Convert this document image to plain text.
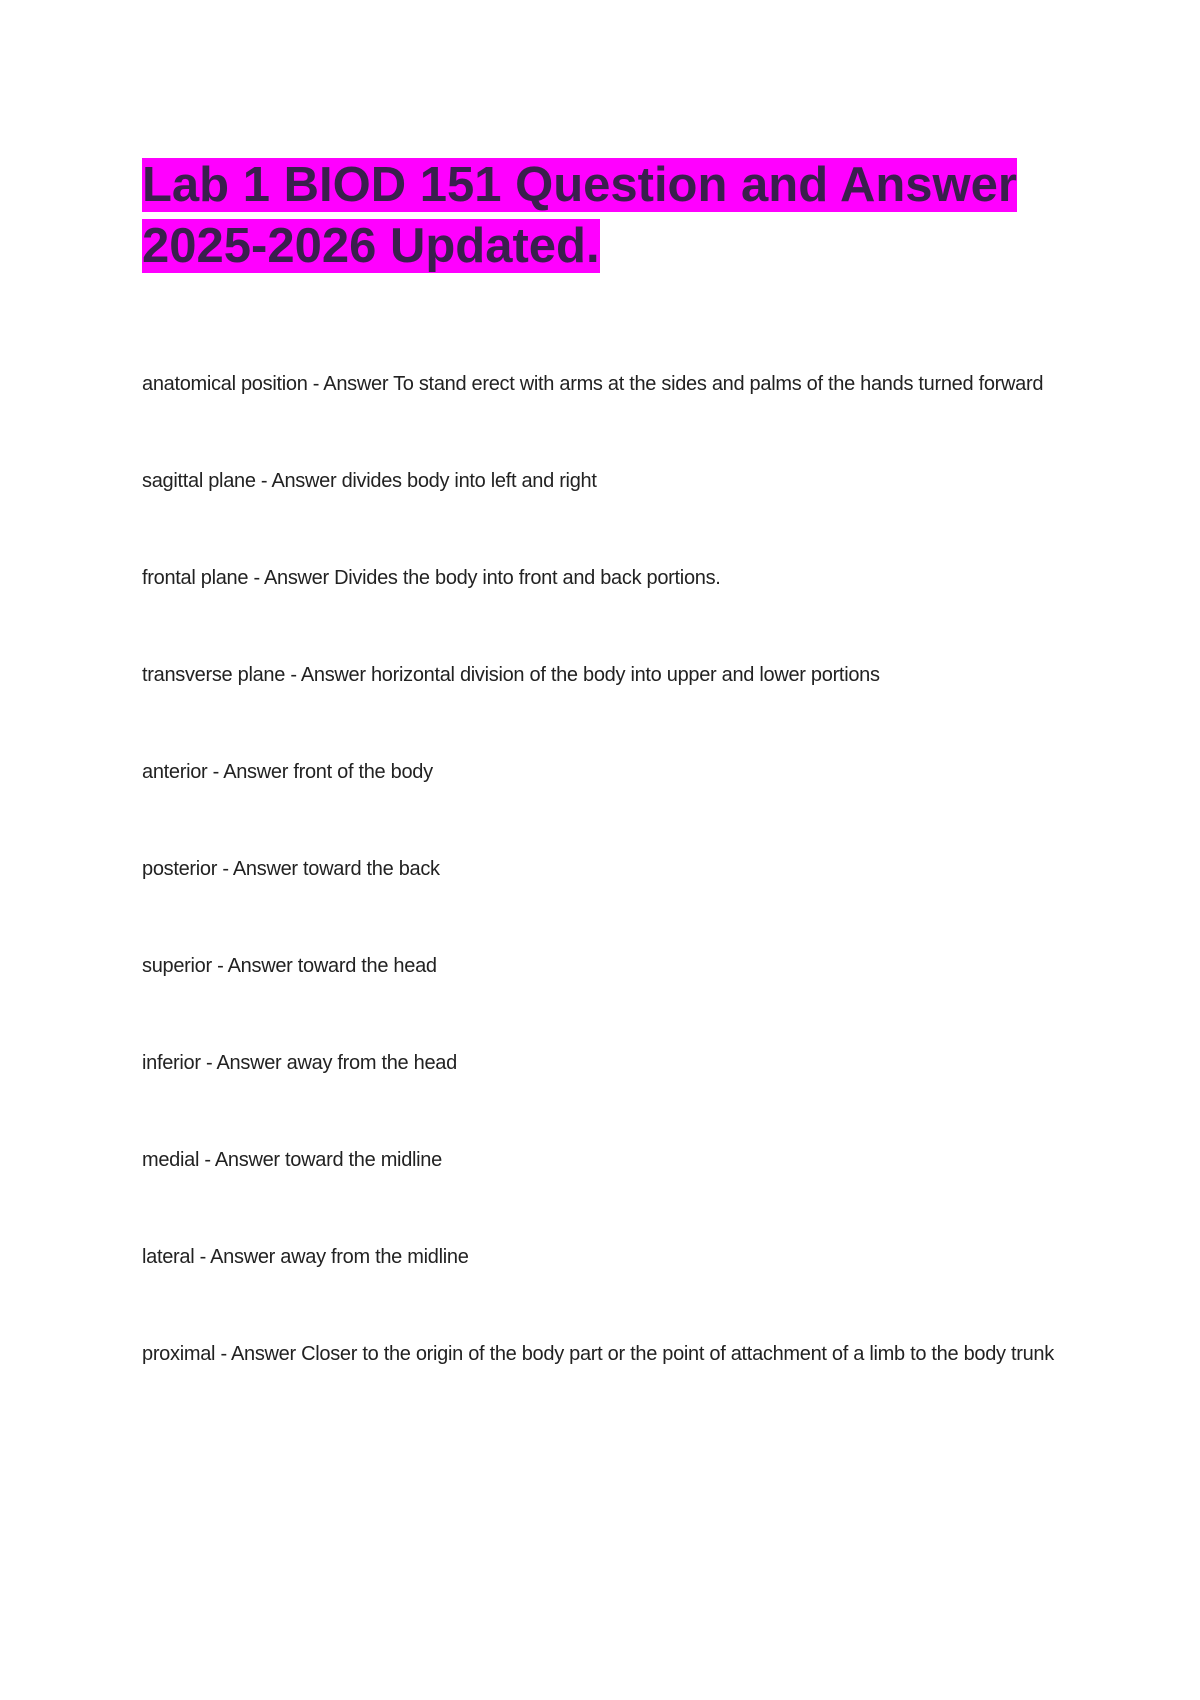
Lab 1 BIOD 151 Question and Answer 2025-2026 Updated.
anatomical position - Answer To stand erect with arms at the sides and palms of the hands turned forward
sagittal plane - Answer divides body into left and right
frontal plane - Answer Divides the body into front and back portions.
transverse plane - Answer horizontal division of the body into upper and lower portions
anterior - Answer front of the body
posterior - Answer toward the back
superior - Answer toward the head
inferior - Answer away from the head
medial - Answer toward the midline
lateral - Answer away from the midline
proximal - Answer Closer to the origin of the body part or the point of attachment of a limb to the body trunk
